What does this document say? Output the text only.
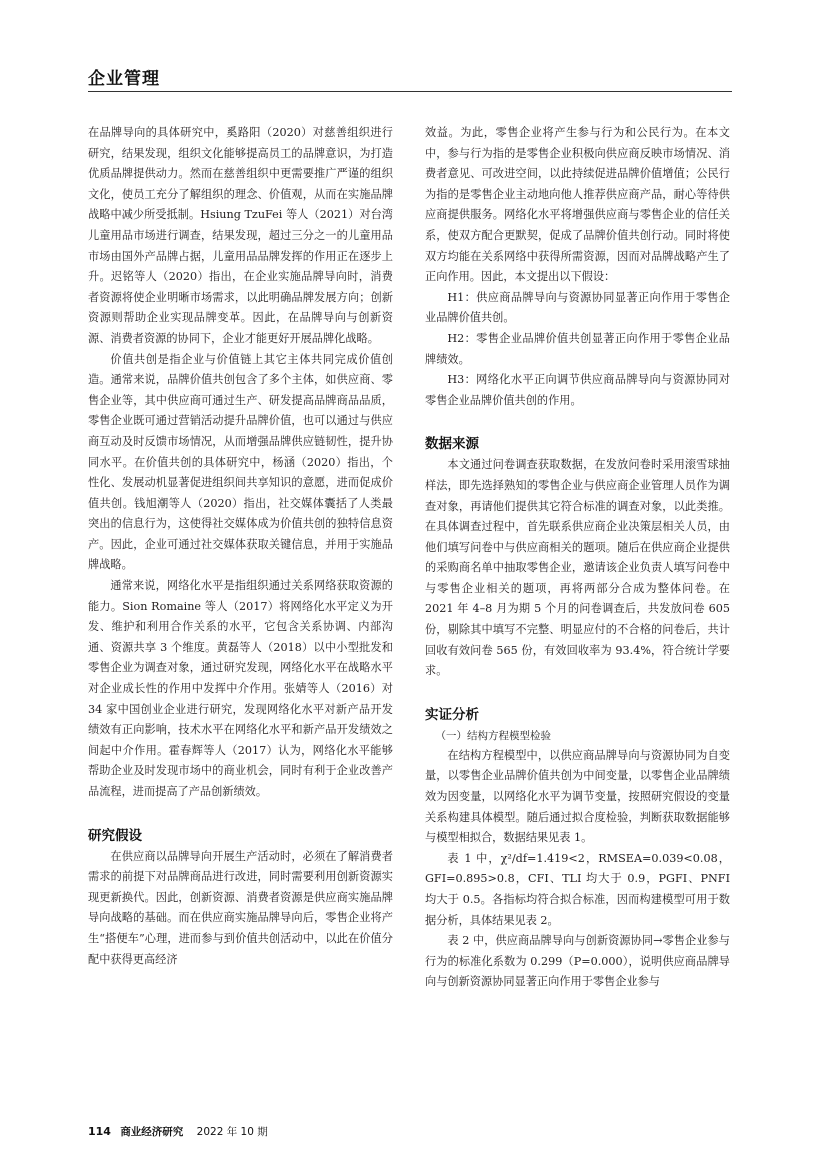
企业管理

在品牌导向的具体研究中，奚路阳（2020）对慈善组织进行研究，结果发现，组织文化能够提高员工的品牌意识，为打造优质品牌提供动力。然而在慈善组织中更需要推广严谨的组织文化，使员工充分了解组织的理念、价值观，从而在实施品牌战略中减少所受抵制。Hsiung TzuFei 等人（2021）对台湾儿童用品市场进行调查，结果发现，超过三分之一的儿童用品市场由国外产品牌占据，儿童用品品牌发挥的作用正在逐步上升。迟铭等人（2020）指出，在企业实施品牌导向时，消费者资源将使企业明晰市场需求，以此明确品牌发展方向；创新资源则帮助企业实现品牌变革。因此，在品牌导向与创新资源、消费者资源的协同下，企业才能更好开展品牌化战略。

价值共创是指企业与价值链上其它主体共同完成价值创造。通常来说，品牌价值共创包含了多个主体，如供应商、零售企业等，其中供应商可通过生产、研发提高品牌商品品质，零售企业既可通过营销活动提升品牌价值，也可以通过与供应商互动及时反馈市场情况，从而增强品牌供应链韧性，提升协同水平。在价值共创的具体研究中，杨涵（2020）指出，个性化、发展动机显著促进组织间共享知识的意愿，进而促成价值共创。钱旭潮等人（2020）指出，社交媒体囊括了人类最突出的信息行为，这使得社交媒体成为价值共创的独特信息资产。因此，企业可通过社交媒体获取关键信息，并用于实施品牌战略。

通常来说，网络化水平是指组织通过关系网络获取资源的能力。Sion Romaine 等人（2017）将网络化水平定义为开发、维护和利用合作关系的水平，它包含关系协调、内部沟通、资源共享 3 个维度。黄磊等人（2018）以中小型批发和零售企业为调查对象，通过研究发现，网络化水平在战略水平对企业成长性的作用中发挥中介作用。张婧等人（2016）对 34 家中国创业企业进行研究，发现网络化水平对新产品开发绩效有正向影响，技术水平在网络化水平和新产品开发绩效之间起中介作用。霍春辉等人（2017）认为，网络化水平能够帮助企业及时发现市场中的商业机会，同时有利于企业改善产品流程，进而提高了产品创新绩效。

研究假设

在供应商以品牌导向开展生产活动时，必须在了解消费者需求的前提下对品牌商品进行改进，同时需要利用创新资源实现更新换代。因此，创新资源、消费者资源是供应商实施品牌导向战略的基础。而在供应商实施品牌导向后，零售企业将产生“搭便车”心理，进而参与到价值共创活动中，以此在价值分配中获得更高经济

效益。为此，零售企业将产生参与行为和公民行为。在本文中，参与行为指的是零售企业积极向供应商反映市场情况、消费者意见、可改进空间，以此持续促进品牌价值增值；公民行为指的是零售企业主动地向他人推荐供应商产品，耐心等待供应商提供服务。网络化水平将增强供应商与零售企业的信任关系，使双方配合更默契，促成了品牌价值共创行动。同时将使双方均能在关系网络中获得所需资源，因而对品牌战略产生了正向作用。因此，本文提出以下假设：

H1：供应商品牌导向与资源协同显著正向作用于零售企业品牌价值共创。

H2：零售企业品牌价值共创显著正向作用于零售企业品牌绩效。

H3：网络化水平正向调节供应商品牌导向与资源协同对零售企业品牌价值共创的作用。

数据来源

本文通过问卷调查获取数据，在发放问卷时采用滚雪球抽样法，即先选择熟知的零售企业与供应商企业管理人员作为调查对象，再请他们提供其它符合标准的调查对象，以此类推。在具体调查过程中，首先联系供应商企业决策层相关人员，由他们填写问卷中与供应商相关的题项。随后在供应商企业提供的采购商名单中抽取零售企业，邀请该企业负责人填写问卷中与零售企业相关的题项，再将两部分合成为整体问卷。在 2021 年 4–8 月为期 5 个月的问卷调查后，共发放问卷 605 份，剔除其中填写不完整、明显应付的不合格的问卷后，共计回收有效问卷 565 份，有效回收率为 93.4%，符合统计学要求。

实证分析
（一）结构方程模型检验

在结构方程模型中，以供应商品牌导向与资源协同为自变量，以零售企业品牌价值共创为中间变量，以零售企业品牌绩效为因变量，以网络化水平为调节变量，按照研究假设的变量关系构建具体模型。随后通过拟合度检验，判断获取数据能够与模型相拟合，数据结果见表 1。

表 1 中，χ²/df=1.419<2，RMSEA=0.039<0.08，GFI=0.895>0.8，CFI、TLI 均大于 0.9，PGFI、PNFI 均大于 0.5。各指标均符合拟合标准，因而构建模型可用于数据分析，具体结果见表 2。

表 2 中，供应商品牌导向与创新资源协同→零售企业参与行为的标准化系数为 0.299（P=0.000），说明供应商品牌导向与创新资源协同显著正向作用于零售企业参与

114 商业经济研究 2022 年 10 期
